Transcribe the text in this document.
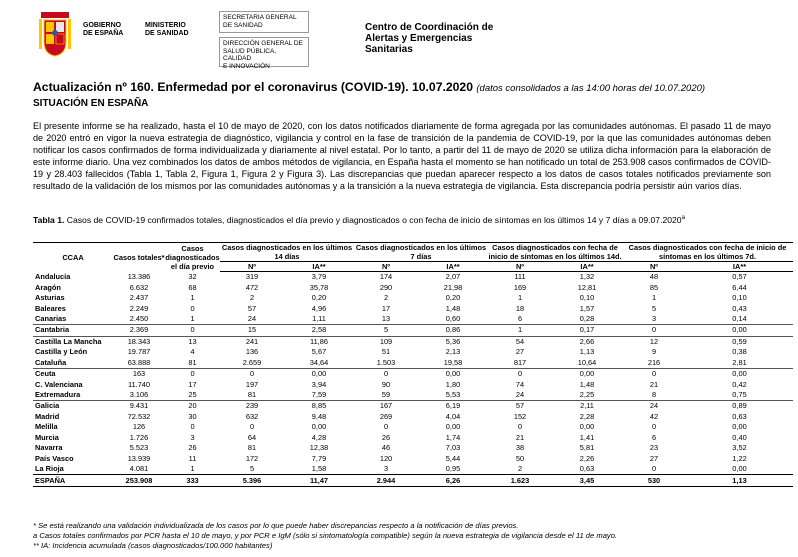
GOBIERNO
DE ESPAÑA
MINISTERIO
DE SANIDAD
SECRETARIA GENERAL
DE SANIDAD
DIRECCIÓN GENERAL DE
SALUD PÚBLICA, CALIDAD
E INNOVACIÓN
Centro de Coordinación de
Alertas y Emergencias
Sanitarias
Actualización nº 160. Enfermedad por el coronavirus (COVID-19). 10.07.2020 (datos consolidados a las 14:00 horas del 10.07.2020)
SITUACIÓN EN ESPAÑA
El presente informe se ha realizado, hasta el 10 de mayo de 2020, con los datos notificados diariamente de forma agregada por las comunidades autónomas. El pasado 11 de mayo de 2020 entró en vigor la nueva estrategia de diagnóstico, vigilancia y control en la fase de transición de la pandemia de COVID-19, por la que las comunidades autónomas deben notificar los casos confirmados de forma individualizada y diariamente al nivel estatal. Por lo tanto, a partir del 11 de mayo de 2020 se utiliza dicha información para la elaboración de este informe diario. Una vez combinados los datos de ambos métodos de vigilancia, en España hasta el momento se han notificado un total de 253.908 casos confirmados de COVID-19 y 28.403 fallecidos (Tabla 1, Tabla 2, Figura 1, Figura 2 y Figura 3). Las discrepancias que puedan aparecer respecto a los datos de casos totales notificados previamente son resultado de la validación de los mismos por las comunidades autónomas y a la transición a la nueva estrategia de vigilancia. Esta discrepancia podría persistir aún varios días.
Tabla 1. Casos de COVID-19 confirmados totales, diagnosticados el día previo y diagnosticados o con fecha de inicio de síntomas en los últimos 14 y 7 días a 09.07.2020$^a$
CCAA	Casos totales*	Casos diagnosticados el día previo	Casos diagnosticados en los últimos 14 días		Casos diagnosticados en los últimos 7 días		Casos diagnosticados con fecha de inicio de síntomas en los últimos 14d.		Casos diagnosticados con fecha de inicio de síntomas en los últimos 7d.	
			Nº	IA**	Nº	IA**	Nº	IA**	Nº	IA**
Andalucía	13.386	32	319	3,79	174	2,07	111	1,32	48	0,57
Aragón	6.632	68	472	35,78	290	21,98	169	12,81	85	6,44
Asturias	2.437	1	2	0,20	2	0,20	1	0,10	1	0,10
Baleares	2.249	0	57	4,96	17	1,48	18	1,57	5	0,43
Canarias	2.450	1	24	1,11	13	0,60	6	0,28	3	0,14
Cantabria	2.369	0	15	2,58	5	0,86	1	0,17	0	0,00
Castilla La Mancha	18.343	13	241	11,86	109	5,36	54	2,66	12	0,59
Castilla y León	19.787	4	136	5,67	51	2,13	27	1,13	9	0,38
Cataluña	63.888	81	2.659	34,64	1.503	19,58	817	10,64	216	2,81
Ceuta	163	0	0	0,00	0	0,00	0	0,00	0	0,00
C. Valenciana	11.740	17	197	3,94	90	1,80	74	1,48	21	0,42
Extremadura	3.106	25	81	7,59	59	5,53	24	2,25	8	0,75
Galicia	9.431	20	239	8,85	167	6,19	57	2,11	24	0,89
Madrid	72.532	30	632	9,48	269	4,04	152	2,28	42	0,63
Melilla	126	0	0	0,00	0	0,00	0	0,00	0	0,00
Murcia	1.726	3	64	4,28	26	1,74	21	1,41	6	0,40
Navarra	5.523	26	81	12,38	46	7,03	38	5,81	23	3,52
País Vasco	13.939	11	172	7,79	120	5,44	50	2,26	27	1,22
La Rioja	4.081	1	5	1,58	3	0,95	2	0,63	0	0,00
ESPAÑA	253.908	333	5.396	11,47	2.944	6,26	1.623	3,45	530	1,13
* Se está realizando una validación individualizada de los casos por lo que puede haber discrepancias respecto a la notificación de días previos.
a Casos totales confirmados por PCR hasta el 10 de mayo, y por PCR e IgM (sólo si sintomatología compatible) según la nueva estrategia de vigilancia desde el 11 de mayo.
** IA: Incidencia acumulada (casos diagnosticados/100.000 habitantes)
